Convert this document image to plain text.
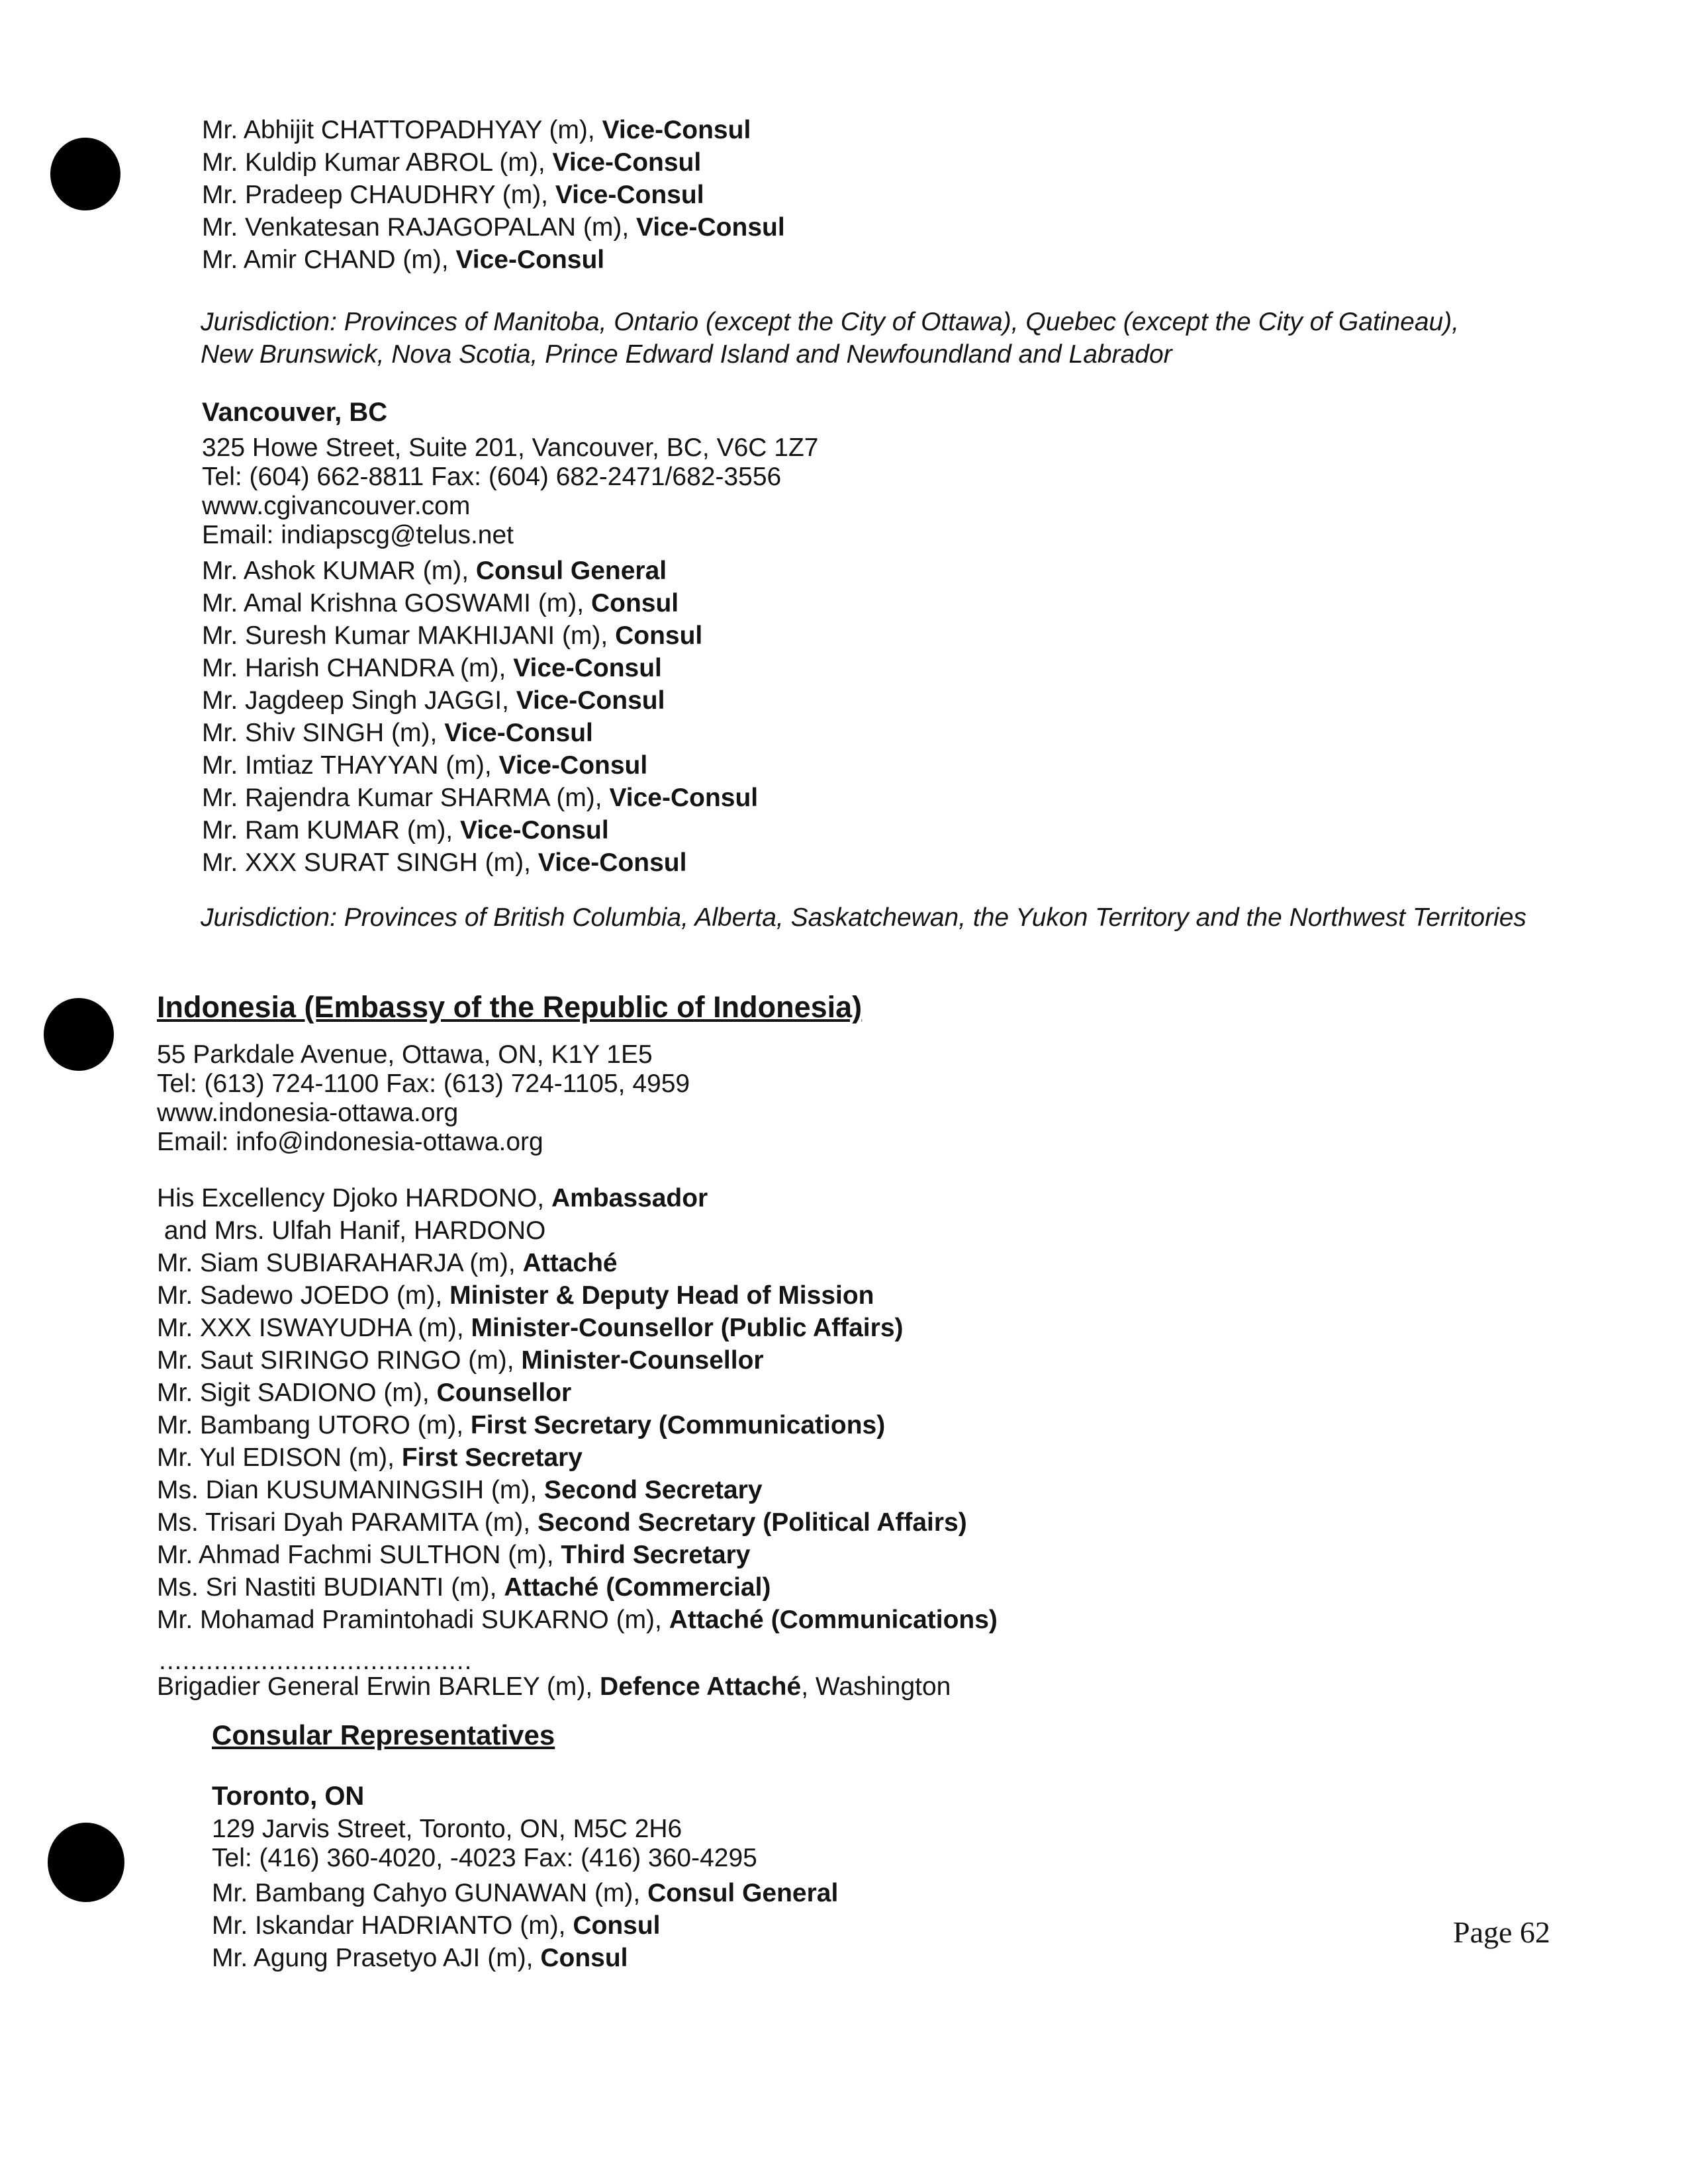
Mr. Abhijit CHATTOPADHYAY (m), Vice-Consul
Mr. Kuldip Kumar ABROL (m), Vice-Consul
Mr. Pradeep CHAUDHRY (m), Vice-Consul
Mr. Venkatesan RAJAGOPALAN (m), Vice-Consul
Mr. Amir CHAND (m), Vice-Consul
Jurisdiction: Provinces of Manitoba, Ontario (except the City of Ottawa), Quebec (except the City of Gatineau), New Brunswick, Nova Scotia, Prince Edward Island and Newfoundland and Labrador
Vancouver, BC
325 Howe Street, Suite 201, Vancouver, BC, V6C 1Z7
Tel: (604) 662-8811 Fax: (604) 682-2471/682-3556
www.cgivancouver.com
Email: indiapscg@telus.net
Mr. Ashok KUMAR (m), Consul General
Mr. Amal Krishna GOSWAMI (m), Consul
Mr. Suresh Kumar MAKHIJANI (m), Consul
Mr. Harish CHANDRA (m), Vice-Consul
Mr. Jagdeep Singh JAGGI, Vice-Consul
Mr. Shiv SINGH (m), Vice-Consul
Mr. Imtiaz THAYYAN (m), Vice-Consul
Mr. Rajendra Kumar SHARMA (m), Vice-Consul
Mr. Ram KUMAR (m), Vice-Consul
Mr. XXX SURAT SINGH (m), Vice-Consul
Jurisdiction: Provinces of British Columbia, Alberta, Saskatchewan, the Yukon Territory and the Northwest Territories
Indonesia (Embassy of the Republic of Indonesia)
55 Parkdale Avenue, Ottawa, ON, K1Y 1E5
Tel: (613) 724-1100 Fax: (613) 724-1105, 4959
www.indonesia-ottawa.org
Email: info@indonesia-ottawa.org
His Excellency Djoko HARDONO, Ambassador
and Mrs. Ulfah Hanif, HARDONO
Mr. Siam SUBIARAHARJA (m), Attaché
Mr. Sadewo JOEDO (m), Minister & Deputy Head of Mission
Mr. XXX ISWAYUDHA (m), Minister-Counsellor (Public Affairs)
Mr. Saut SIRINGO RINGO (m), Minister-Counsellor
Mr. Sigit SADIONO (m), Counsellor
Mr. Bambang UTORO (m), First Secretary (Communications)
Mr. Yul EDISON (m), First Secretary
Ms. Dian KUSUMANINGSIH (m), Second Secretary
Ms. Trisari Dyah PARAMITA (m), Second Secretary (Political Affairs)
Mr. Ahmad Fachmi SULTHON (m), Third Secretary
Ms. Sri Nastiti BUDIANTI (m), Attaché (Commercial)
Mr. Mohamad Pramintohadi SUKARNO (m), Attaché (Communications)
........................................
Brigadier General Erwin BARLEY (m), Defence Attaché, Washington
Consular Representatives
Toronto, ON
129 Jarvis Street, Toronto, ON, M5C 2H6
Tel: (416) 360-4020, -4023 Fax: (416) 360-4295
Mr. Bambang Cahyo GUNAWAN (m), Consul General
Mr. Iskandar HADRIANTO (m), Consul
Mr. Agung Prasetyo AJI (m), Consul
Page 62
